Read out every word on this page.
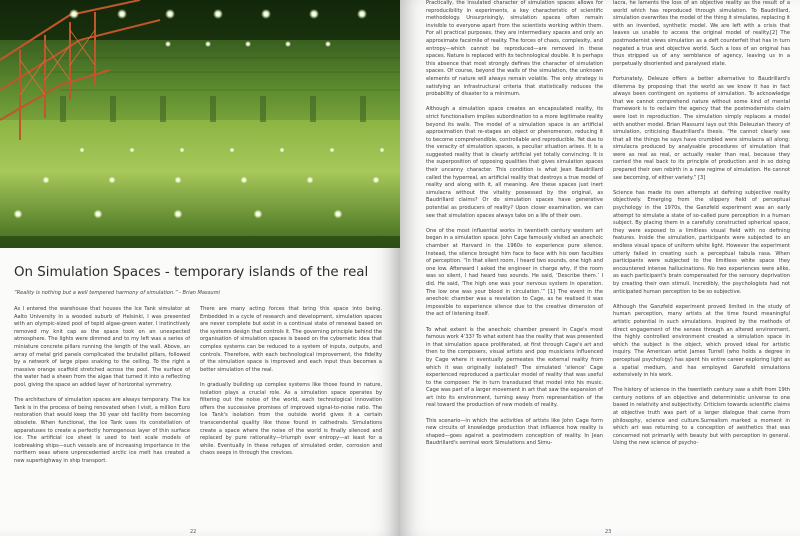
On Simulation Spaces - temporary islands of the real

“Reality is nothing but a well tempered harmony of simulation.” - Brian Massumi

As I entered the warehouse that houses the Ice Tank simulator at Aalto University in a wooded suburb of Helsinki, I was presented with an olympic-sized pool of tepid algae-green water. I instinctively removed my knit cap as the space took on an unexpected atmosphere. The lights were dimmed and to my left was a series of miniature concrete pillars running the length of the wall. Above, an array of metal grid panels complicated the brutalist pillars, followed by a network of large pipes snaking to the ceiling. To the right a massive orange scaffold stretched across the pool. The surface of the water had a sheen from the algae that turned it into a reflecting pool, giving the space an added layer of horizontal symmetry.

The architecture of simulation spaces are always temporary. The Ice Tank is in the process of being renovated when I visit, a million Euro restoration that would keep the 30 year old facility from becoming obsolete. When functional, the Ice Tank uses its constellation of apparatuses to create a perfectly homogenous layer of thin surface ice. The artificial ice sheet is used to test scale models of icebreaking ships—such vessels are of increasing importance in the northern seas where unprecedented arctic ice melt has created a new superhighway in ship transport.

There are many acting forces that bring this space into being. Embedded in a cycle of research and development, simulation spaces are never complete but exist in a continual state of renewal based on the systems design that controls it. The governing principle behind the organisation of simulation spaces is based on the cybernetic idea that complex systems can be reduced to a system of inputs, outputs, and controls. Therefore, with each technological improvement, the fidelity of the simulation space is improved and each input thus becomes a better simulation of the real.

In gradually building up complex systems like those found in nature, isolation plays a crucial role. As a simulation space operates by filtering out the noise of the world, each technological innovation offers the successive promises of improved signal-to-noise ratio. The Ice Tank's isolation from the outside world gives it a certain transcendental quality like those found in cathedrals. Simulations create a space where the noise of the world is finally silenced and replaced by pure rationality—triumph over entropy—at least for a while. Eventually in these refuges of simulated order, corrosion and chaos seeps in through the crevices.

22

Practically, the insulated character of simulation spaces allows for reproducibility in experiments, a key characteristic of scientific methodology. Unsurprisingly, simulation spaces often remain invisible to everyone apart from the scientists working within them. For all practical purposes, they are intermediary spaces and only an approximate facsimile of reality. The forces of chaos, complexity, and entropy—which cannot be reproduced—are removed in these spaces. Nature is replaced with its technological double. It is perhaps this absence that most strongly defines the character of simulation spaces. Of course, beyond the walls of the simulation, the unknown elements of nature will always remain volatile. The only strategy is satisfying an infrastructural criteria that statistically reduces the probability of disaster to a minimum.

Although a simulation space creates an encapsulated reality, its strict functionalism implies subordination to a more legitimate reality beyond its walls. The model of a simulation space is an artificial approximation that re-stages an object or phenomenon, reducing it to become comprehendible, controllable and reproducible. Yet due to the veracity of simulation spaces, a peculiar situation arises. It is a suggested reality that is clearly artificial yet totally convincing. It is the superposition of opposing qualities that gives simulation spaces their uncanny character. This condition is what Jean Baudrillard called the hyperreal, an artificial reality that destroys a true model of reality and along with it, all meaning. Are these spaces just inert simulacra without the vitality possessed by the original, as Baudrillard claims? Or do simulation spaces have generative potential as producers of reality? Upon closer examination, we can see that simulation spaces always take on a life of their own.

One of the most influential works in twentieth century western art began in a simulation space. John Cage famously visited an anechoic chamber at Harvard in the 1960s to experience pure silence. Instead, the silence brought him face to face with his own faculties of perception. “In that silent room, I heard two sounds, one high and one low. Afterward I asked the engineer in charge why, if the room was so silent, I had heard two sounds. He said, ‘Describe them.’ I did. He said, ‘The high one was your nervous system in operation. The low one was your blood in circulation.’” [1] The event in the anechoic chamber was a revelation to Cage, as he realised it was impossible to experience silence due to the creative dimension of the act of listening itself.

To what extent is the anechoic chamber present in Cage's most famous work 4’33? To what extent has the reality that was presented in that simulation space proliferated, at first through Cage's art and then to the composers, visual artists and pop musicians influenced by Cage where it eventually permeates the external reality from which it was originally isolated? The simulated 'silence' Cage experienced reproduced a particular model of reality that was useful to the composer. He in turn transduced that model into his music. Cage was part of a larger movement in art that saw the expansion of art into its environment, turning away from representation of the real toward the production of new models of reality.

This scenario—in which the activities of artists like John Cage form new circuits of knowledge production that influence how reality is shaped—goes against a postmodern conception of reality. In Jean Baudrillard's seminal work Simulations and Simu-

lacra, he laments the loss of an objective reality as the result of a world which has reproduced through simulation. To Baudrillard, simulation overwrites the model of the thing it simulates, replacing it with an invented, synthetic model. We are left with a crisis that leaves us unable to access the original model of reality.[2] The postmodernist views simulation as a deft counterfeit that has in turn negated a true and objective world. Such a loss of an original has thus stripped us of any semblance of agency, leaving us in a perpetually disoriented and paralysed state.

Fortunately, Deleuze offers a better alternative to Baudrillard's dilemma by proposing that the world as we know it has in fact always been contingent on systems of simulation. To acknowledge that we cannot comprehend nature without some kind of mental framework is to reclaim the agency that the postmodernists claim were lost in reproduction. The simulation simply replaces a model with another model. Brian Massumi lays out this Deleuzian theory of simulation, criticising Baudrillard's thesis. “He cannot clearly see that all the things he says have crumbled were simulacra all along: simulacra produced by analysable procedures of simulation that were as real as real, or actually realer than real, because they carried the real back to its principle of production and in so doing prepared their own rebirth in a new regime of simulation. He cannot see becoming, of either variety.” [3]

Science has made its own attempts at defining subjective reality objectively. Emerging from the slippery field of perceptual psychology in the 1970s, the Ganzfeld experiment was an early attempt to simulate a state of so-called pure perception in a human subject. By placing them in a carefully constructed spherical space, they were exposed to a limitless visual field with no defining features. Inside the simulation, participants were subjected to an endless visual space of uniform white light. However the experiment utterly failed in creating such a perceptual tabula rasa. When participants were subjected to the limitless white space they encountered intense hallucinations. No two experiences were alike, as each participant's brain compensated for the sensory deprivation by creating their own stimuli. Incredibly, the psychologists had not anticipated human perception to be so subjective.

Although the Ganzfeld experiment proved limited in the study of human perception, many artists at the time found meaningful artistic potential in such simulations. Inspired by the methods of direct engagement of the senses through an altered environment, the highly controlled environment created a simulation space in which the subject is the object, which proved ideal for artistic inquiry. The American artist James Turrell (who holds a degree in perceptual psychology) has spent his entire career exploring light as a spatial medium, and has employed Ganzfeld simulations extensively in his work.

The history of science in the twentieth century saw a shift from 19th century notions of an objective and deterministic universe to one based in relativity and subjectivity. Criticism towards scientific claims at objective truth was part of a larger dialogue that came from philosophy, science and culture.Surrealism marked a moment in which art was returning to a conception of aesthetics that was concerned not primarily with beauty but with perception in general. Using the new science of psycho-

23
